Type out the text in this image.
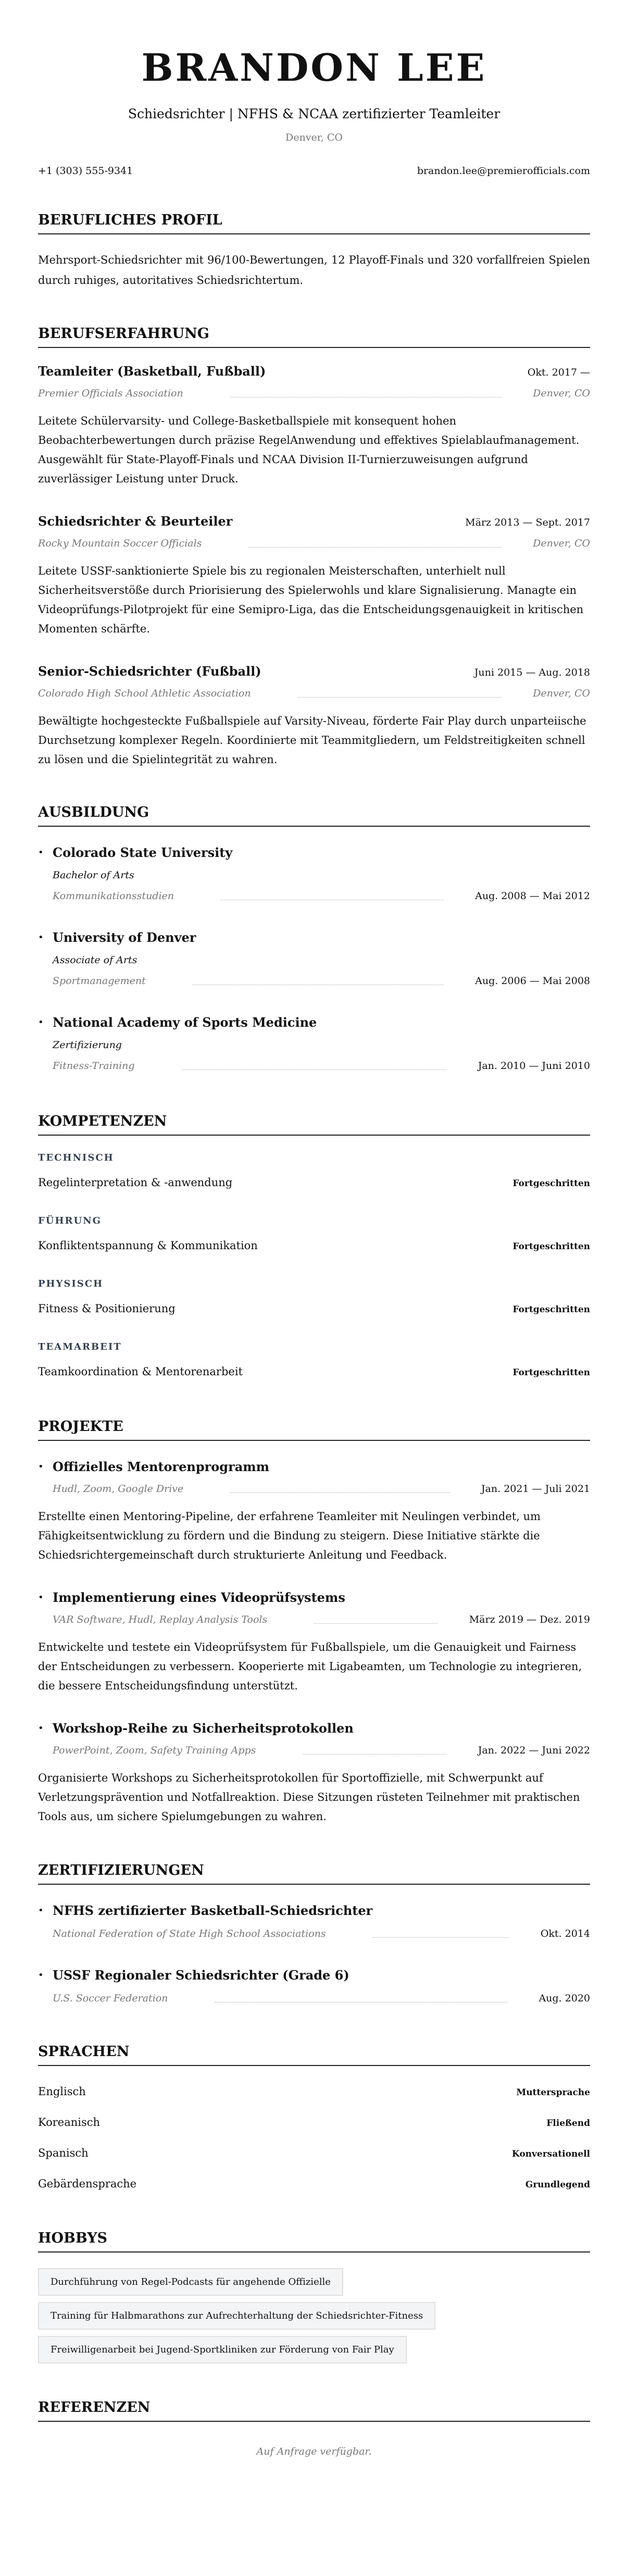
BRANDON LEE
Schiedsrichter | NFHS & NCAA zertifizierter Teamleiter
Denver, CO
+1 (303) 555-9341	brandon.lee@premierofficials.com
BERUFLICHES PROFIL

Mehrsport-Schiedsrichter mit 96/100-Bewertungen, 12 Playoff-Finals und 320 vorfallfreien Spielen durch ruhiges, autoritatives Schiedsrichtertum.

BERUFSERFAHRUNG
Teamleiter (Basketball, Fußball)	Okt. 2017 —
Premier Officials Association	Denver, CO

Leitete Schülervarsity- und College-Basketballspiele mit konsequent hohen Beobachterbewertungen durch präzise RegelAnwendung und effektives Spielablaufmanagement. Ausgewählt für State-Playoff-Finals und NCAA Division II-Turnierzuweisungen aufgrund zuverlässiger Leistung unter Druck.

Schiedsrichter & Beurteiler	März 2013 — Sept. 2017
Rocky Mountain Soccer Officials	Denver, CO

Leitete USSF-sanktionierte Spiele bis zu regionalen Meisterschaften, unterhielt null Sicherheitsverstöße durch Priorisierung des Spielerwohls und klare Signalisierung. Managte ein Videoprüfungs-Pilotprojekt für eine Semipro-Liga, das die Entscheidungsgenauigkeit in kritischen Momenten schärfte.

Senior-Schiedsrichter (Fußball)	Juni 2015 — Aug. 2018
Colorado High School Athletic Association	Denver, CO

Bewältigte hochgesteckte Fußballspiele auf Varsity-Niveau, förderte Fair Play durch unparteiische Durchsetzung komplexer Regeln. Koordinierte mit Teammitgliedern, um Feldstreitigkeiten schnell zu lösen und die Spielintegrität zu wahren.

AUSBILDUNG
• Colorado State University
Bachelor of Arts
Kommunikationsstudien	Aug. 2008 — Mai 2012
• University of Denver
Associate of Arts
Sportmanagement	Aug. 2006 — Mai 2008
• National Academy of Sports Medicine
Zertifizierung
Fitness-Training	Jan. 2010 — Juni 2010
KOMPETENZEN
TECHNISCH
Regelinterpretation & -anwendung	Fortgeschritten
FÜHRUNG
Konfliktentspannung & Kommunikation	Fortgeschritten
PHYSISCH
Fitness & Positionierung	Fortgeschritten
TEAMARBEIT
Teamkoordination & Mentorenarbeit	Fortgeschritten
PROJEKTE
• Offizielles Mentorenprogramm
Hudl, Zoom, Google Drive	Jan. 2021 — Juli 2021

Erstellte einen Mentoring-Pipeline, der erfahrene Teamleiter mit Neulingen verbindet, um Fähigkeitsentwicklung zu fördern und die Bindung zu steigern. Diese Initiative stärkte die Schiedsrichtergemeinschaft durch strukturierte Anleitung und Feedback.

• Implementierung eines Videoprüfsystems
VAR Software, Hudl, Replay Analysis Tools	März 2019 — Dez. 2019

Entwickelte und testete ein Videoprüfsystem für Fußballspiele, um die Genauigkeit und Fairness der Entscheidungen zu verbessern. Kooperierte mit Ligabeamten, um Technologie zu integrieren, die bessere Entscheidungsfindung unterstützt.

• Workshop-Reihe zu Sicherheitsprotokollen
PowerPoint, Zoom, Safety Training Apps	Jan. 2022 — Juni 2022

Organisierte Workshops zu Sicherheitsprotokollen für Sportoffizielle, mit Schwerpunkt auf Verletzungsprävention und Notfallreaktion. Diese Sitzungen rüsteten Teilnehmer mit praktischen Tools aus, um sichere Spielumgebungen zu wahren.

ZERTIFIZIERUNGEN
• NFHS zertifizierter Basketball-Schiedsrichter
National Federation of State High School Associations	Okt. 2014
• USSF Regionaler Schiedsrichter (Grade 6)
U.S. Soccer Federation	Aug. 2020
SPRACHEN
Englisch	Muttersprache
Koreanisch	Fließend
Spanisch	Konversationell
Gebärdensprache	Grundlegend
HOBBYS
Durchführung von Regel-Podcasts für angehende Offizielle
Training für Halbmarathons zur Aufrechterhaltung der Schiedsrichter-Fitness
Freiwilligenarbeit bei Jugend-Sportkliniken zur Förderung von Fair Play
REFERENZEN
Auf Anfrage verfügbar.
